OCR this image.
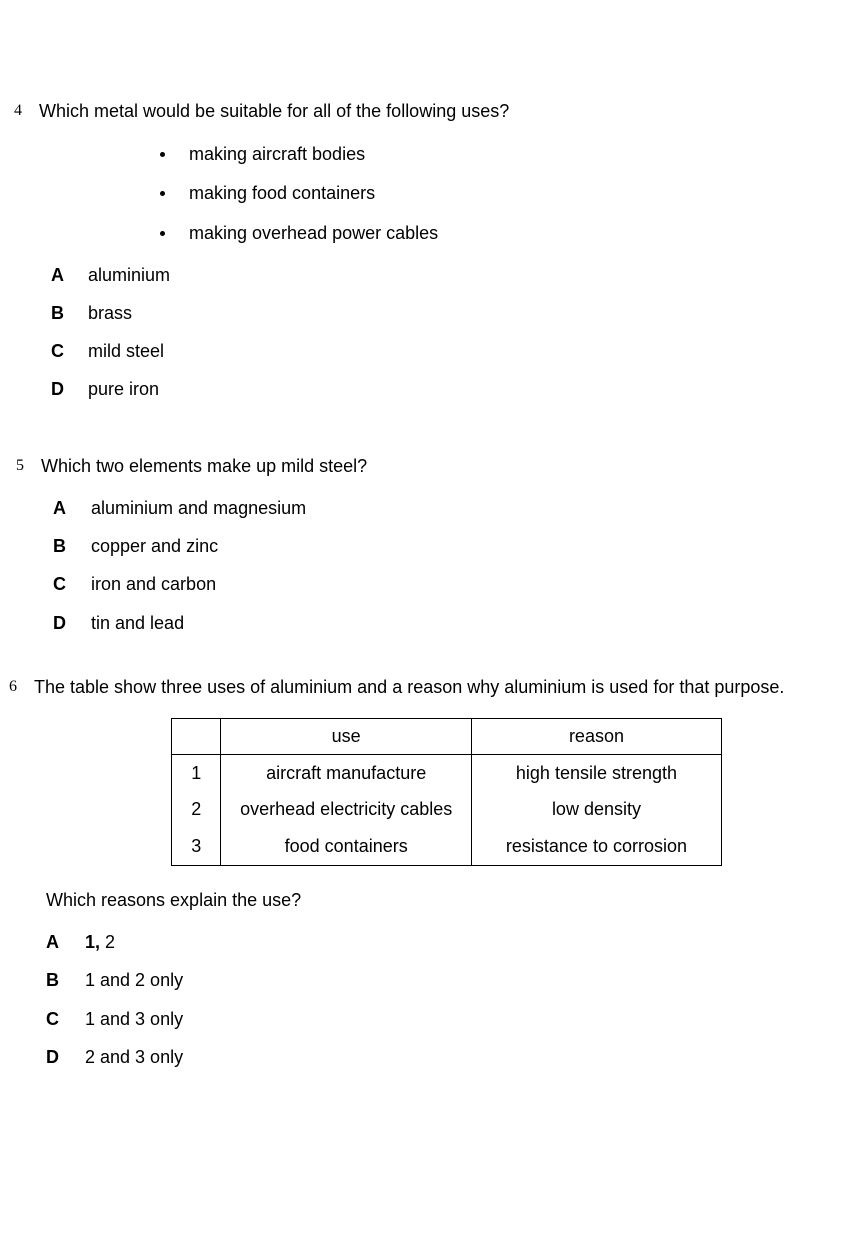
4 Which metal would be suitable for all of the following uses?
making aircraft bodies
making food containers
making overhead power cables
A aluminium
B brass
C mild steel
D pure iron
5 Which two elements make up mild steel?
A aluminium and magnesium
B copper and zinc
C iron and carbon
D tin and lead
6 The table show three uses of aluminium and a reason why aluminium is used for that purpose.
	use	reason
1	aircraft manufacture	high tensile strength
2	overhead electricity cables	low density
3	food containers	resistance to corrosion
Which reasons explain the use?
A 1, 2
B 1 and 2 only
C 1 and 3 only
D 2 and 3 only
